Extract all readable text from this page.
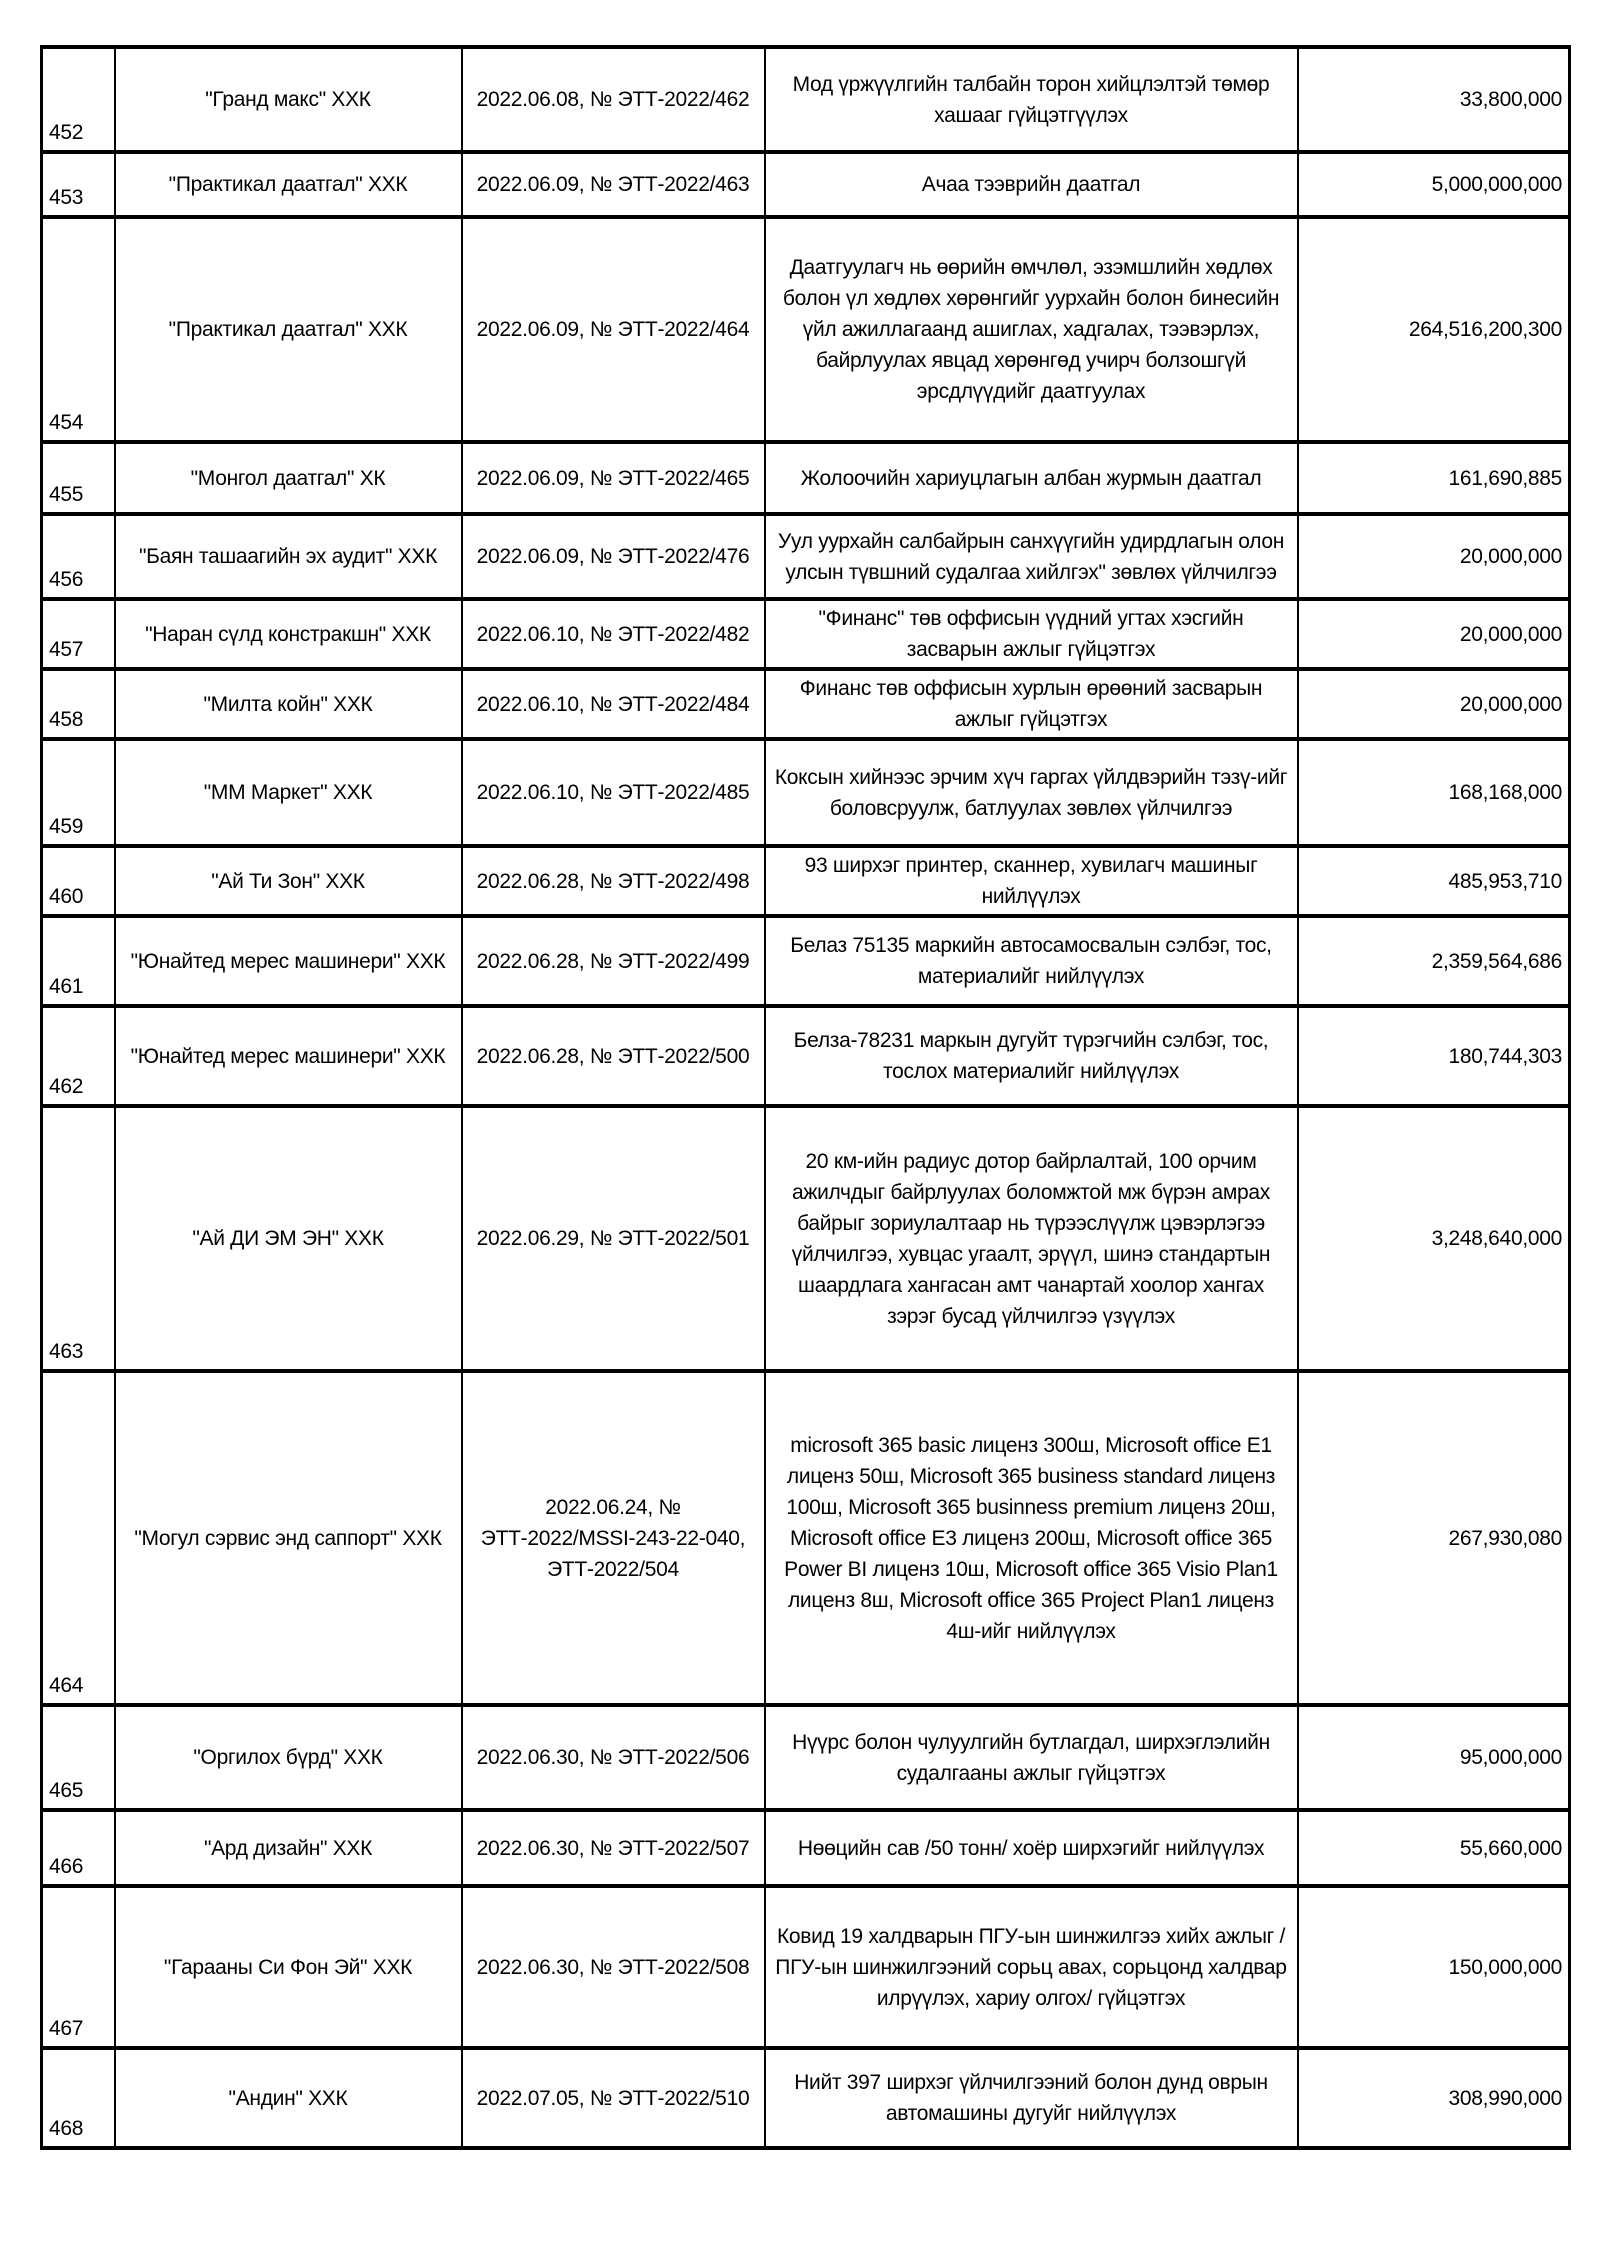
452	"Гранд макс" ХХК	2022.06.08, № ЭТТ-2022/462	Мод үржүүлгийн талбайн торон хийцлэлтэй төмөр хашааг гүйцэтгүүлэх	33,800,000
453	"Практикал даатгал" ХХК	2022.06.09, № ЭТТ-2022/463	Ачаа тээврийн даатгал	5,000,000,000
454	"Практикал даатгал" ХХК	2022.06.09, № ЭТТ-2022/464	Даатгуулагч нь өөрийн өмчлөл, эзэмшлийн хөдлөх болон үл хөдлөх хөрөнгийг уурхайн болон бинесийн үйл ажиллагаанд ашиглах, хадгалах, тээвэрлэх, байрлуулах явцад хөрөнгөд учирч болзошгүй эрсдлүүдийг даатгуулах	264,516,200,300
455	"Монгол даатгал" ХК	2022.06.09, № ЭТТ-2022/465	Жолоочийн хариуцлагын албан журмын даатгал	161,690,885
456	"Баян ташаагийн эх аудит" ХХК	2022.06.09, № ЭТТ-2022/476	Уул уурхайн салбайрын санхүүгийн удирдлагын олон улсын түвшний судалгаа хийлгэх" зөвлөх үйлчилгээ	20,000,000
457	"Наран сүлд констракшн" ХХК	2022.06.10, № ЭТТ-2022/482	"Финанс" төв оффисын үүдний угтах хэсгийн засварын ажлыг гүйцэтгэх	20,000,000
458	"Милта койн" ХХК	2022.06.10, № ЭТТ-2022/484	Финанс төв оффисын хурлын өрөөний засварын ажлыг гүйцэтгэх	20,000,000
459	"ММ Маркет" ХХК	2022.06.10, № ЭТТ-2022/485	Коксын хийнээс эрчим хүч гаргах үйлдвэрийн тэзү-ийг боловсруулж, батлуулах зөвлөх үйлчилгээ	168,168,000
460	"Ай Ти Зон" ХХК	2022.06.28, № ЭТТ-2022/498	93 ширхэг принтер, сканнер, хувилагч машиныг нийлүүлэх	485,953,710
461	"Юнайтед мерес машинери" ХХК	2022.06.28, № ЭТТ-2022/499	Белаз 75135 маркийн автосамосвалын сэлбэг, тос, материалийг нийлүүлэх	2,359,564,686
462	"Юнайтед мерес машинери" ХХК	2022.06.28, № ЭТТ-2022/500	Белза-78231 маркын дугуйт түрэгчийн сэлбэг, тос, тослох материалийг нийлүүлэх	180,744,303
463	"Ай ДИ ЭМ ЭН" ХХК	2022.06.29, № ЭТТ-2022/501	20 км-ийн радиус дотор байрлалтай, 100 орчим ажилчдыг байрлуулах боломжтой мж бүрэн амрах байрыг зориулалтаар нь түрээслүүлж цэвэрлэгээ үйлчилгээ, хувцас угаалт, эрүүл, шинэ стандартын шаардлага хангасан амт чанартай хоолор хангах зэрэг бусад үйлчилгээ үзүүлэх	3,248,640,000
464	"Могул сэрвис энд саппорт" ХХК	2022.06.24, № ЭТТ-2022/MSSI-243-22-040, ЭТТ-2022/504	microsoft 365 basic лиценз 300ш, Microsoft office E1 лиценз 50ш, Microsoft 365 business standard лиценз 100ш, Microsoft 365 businness premium лиценз 20ш, Microsoft office E3 лиценз 200ш, Microsoft office 365 Power BI лиценз 10ш, Microsoft office 365 Visio Plan1 лиценз 8ш, Microsoft office 365 Project Plan1 лиценз 4ш-ийг нийлүүлэх	267,930,080
465	"Оргилох бүрд" ХХК	2022.06.30, № ЭТТ-2022/506	Нүүрс болон чулуулгийн бутлагдал, ширхэглэлийн судалгааны ажлыг гүйцэтгэх	95,000,000
466	"Ард дизайн" ХХК	2022.06.30, № ЭТТ-2022/507	Нөөцийн сав /50 тонн/ хоёр ширхэгийг нийлүүлэх	55,660,000
467	"Гарааны Си Фон Эй" ХХК	2022.06.30, № ЭТТ-2022/508	Ковид 19 халдварын ПГУ-ын шинжилгээ хийх ажлыг /ПГУ-ын шинжилгээний сорьц авах, сорьцонд халдвар илрүүлэх, хариу олгох/ гүйцэтгэх	150,000,000
468	"Андин" ХХК	2022.07.05, № ЭТТ-2022/510	Нийт 397 ширхэг үйлчилгээний болон дунд оврын автомашины дугуйг нийлүүлэх	308,990,000
